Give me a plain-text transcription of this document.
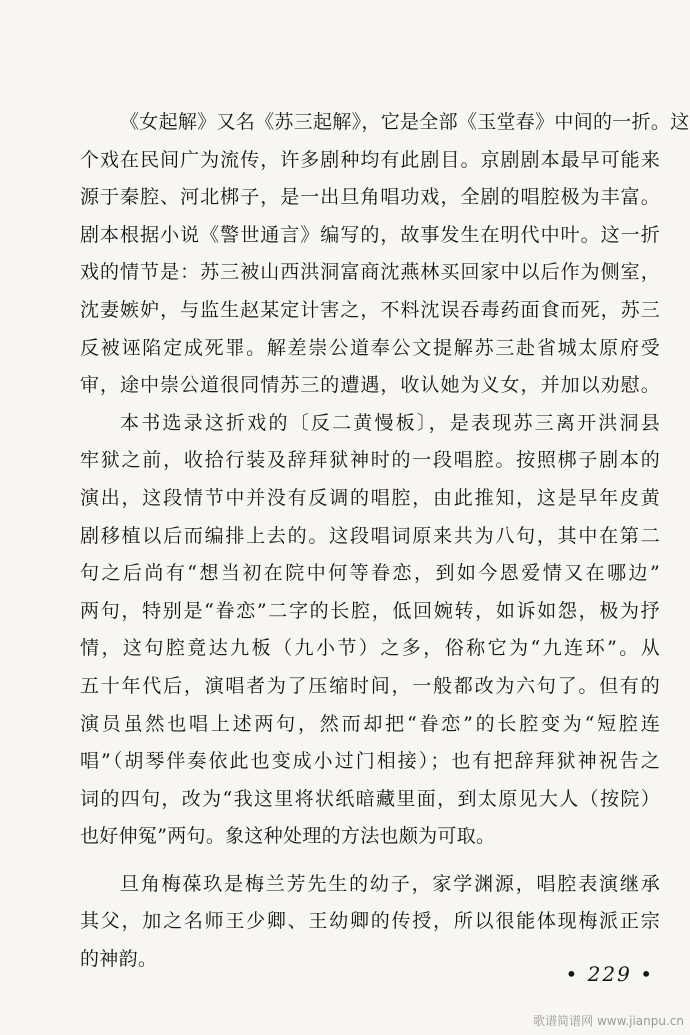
《女起解》又名《苏三起解》，它是全部《玉堂春》中间的一折。这
个戏在民间广为流传，许多剧种均有此剧目。京剧剧本最早可能来
源于秦腔、河北梆子，是一出旦角唱功戏，全剧的唱腔极为丰富。
剧本根据小说《警世通言》编写的，故事发生在明代中叶。这一折
戏的情节是：苏三被山西洪洞富商沈燕林买回家中以后作为侧室，
沈妻嫉妒，与监生赵某定计害之，不料沈误吞毒药面食而死，苏三
反被诬陷定成死罪。解差崇公道奉公文提解苏三赴省城太原府受
审，途中崇公道很同情苏三的遭遇，收认她为义女，并加以劝慰。
本书选录这折戏的〔反二黄慢板〕，是表现苏三离开洪洞县
牢狱之前，收拾行装及辞拜狱神时的一段唱腔。按照梆子剧本的
演出，这段情节中并没有反调的唱腔，由此推知，这是早年皮黄
剧移植以后而编排上去的。这段唱词原来共为八句，其中在第二
句之后尚有“想当初在院中何等眷恋，到如今恩爱情又在哪边”
两句，特别是“眷恋”二字的长腔，低回婉转，如诉如怨，极为抒
情，这句腔竟达九板（九小节）之多，俗称它为“九连环”。从
五十年代后，演唱者为了压缩时间，一般都改为六句了。但有的
演员虽然也唱上述两句，然而却把“眷恋”的长腔变为“短腔连
唱”（胡琴伴奏依此也变成小过门相接）；也有把辞拜狱神祝告之
词的四句，改为“我这里将状纸暗藏里面，到太原见大人（按院）
也好伸冤”两句。象这种处理的方法也颇为可取。
旦角梅葆玖是梅兰芳先生的幼子，家学渊源，唱腔表演继承
其父，加之名师王少卿、王幼卿的传授，所以很能体现梅派正宗
的神韵。
• 229 •
歌谱简谱网 www.jianpu.cn
